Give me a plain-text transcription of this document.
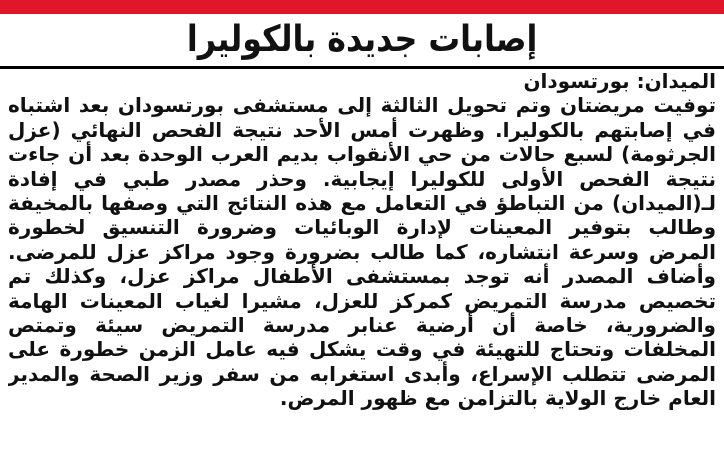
إصابات جديدة بالكوليرا
الميدان: بورتسودان
توفيت مريضتان وتم تحويل الثالثة إلى مستشفى بورتسودان بعد اشتباه في إصابتهم بالكوليرا. وظهرت أمس الأحد نتيجة الفحص النهائي (عزل الجرثومة) لسبع حالات من حي الأنقواب بديم العرب الوحدة بعد أن جاءت نتيجة الفحص الأولى للكوليرا إيجابية. وحذر مصدر طبي في إفادة لـ(الميدان) من التباطؤ في التعامل مع هذه النتائج التي وصفها بالمخيفة وطالب بتوفير المعينات لإدارة الوبائيات وضرورة التنسيق لخطورة المرض وسرعة انتشاره، كما طالب بضرورة وجود مراكز عزل للمرضى. وأضاف المصدر أنه توجد بمستشفى الأطفال مراكز عزل، وكذلك تم تخصيص مدرسة التمريض كمركز للعزل، مشيرا لغياب المعينات الهامة والضرورية، خاصة أن أرضية عنابر مدرسة التمريض سيئة وتمتص المخلفات وتحتاج للتهيئة في وقت يشكل فيه عامل الزمن خطورة على المرضى تتطلب الإسراع، وأبدى استغرابه من سفر وزير الصحة والمدير العام خارج الولاية بالتزامن مع ظهور المرض.
